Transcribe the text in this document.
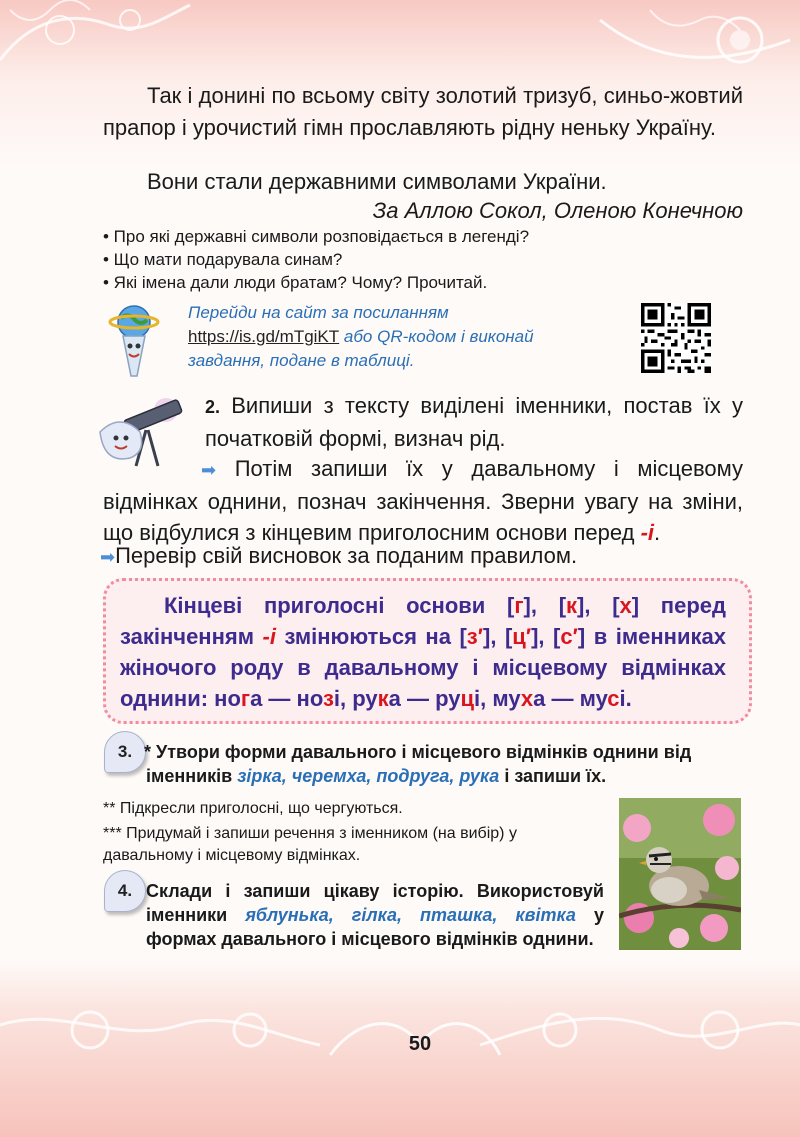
Так і донині по всьому світу золотий тризуб, синьо-жовтий прапор і урочистий гімн прославляють рідну неньку Україну.

Вони стали державними символами України.

За Аллою Сокол, Оленою Конечною

• Про які державні символи розповідається в легенді?

• Що мати подарувала синам?

• Які імена дали люди братам? Чому? Прочитай.

Перейди на сайт за посиланням

https://is.gd/mTgiKT або QR-кодом і виконай

завдання, подане в таблиці.

2. Випиши з тексту виділені іменники, постав їх у початковій формі, визнач рід.

➡ Потім запиши їх у давальному і місцевому відмінках однини, познач закінчення. Зверни увагу на зміни, що відбулися з кінцевим приголосним основи перед -і.

➡Перевір свій висновок за поданим правилом.

Кінцеві приголосні основи [г], [к], [х] перед закінченням -і змінюються на [з′], [ц′], [с′] в іменниках жіночого роду в давальному і місцевому відмінках однини: нога — нозі, рука — руці, муха — мусі.

3. * Утвори форми давального і місцевого відмінків однини від іменників зірка, черемха, подруга, рука і запиши їх.

** Підкресли приголосні, що чергуються.

*** Придумай і запиши речення з іменником (на вибір) у давальному і місцевому відмінках.

4. Склади і запиши цікаву історію. Використовуй іменники яблунька, гілка, пташка, квітка у формах давального і місцевого відмінків однини.

50
